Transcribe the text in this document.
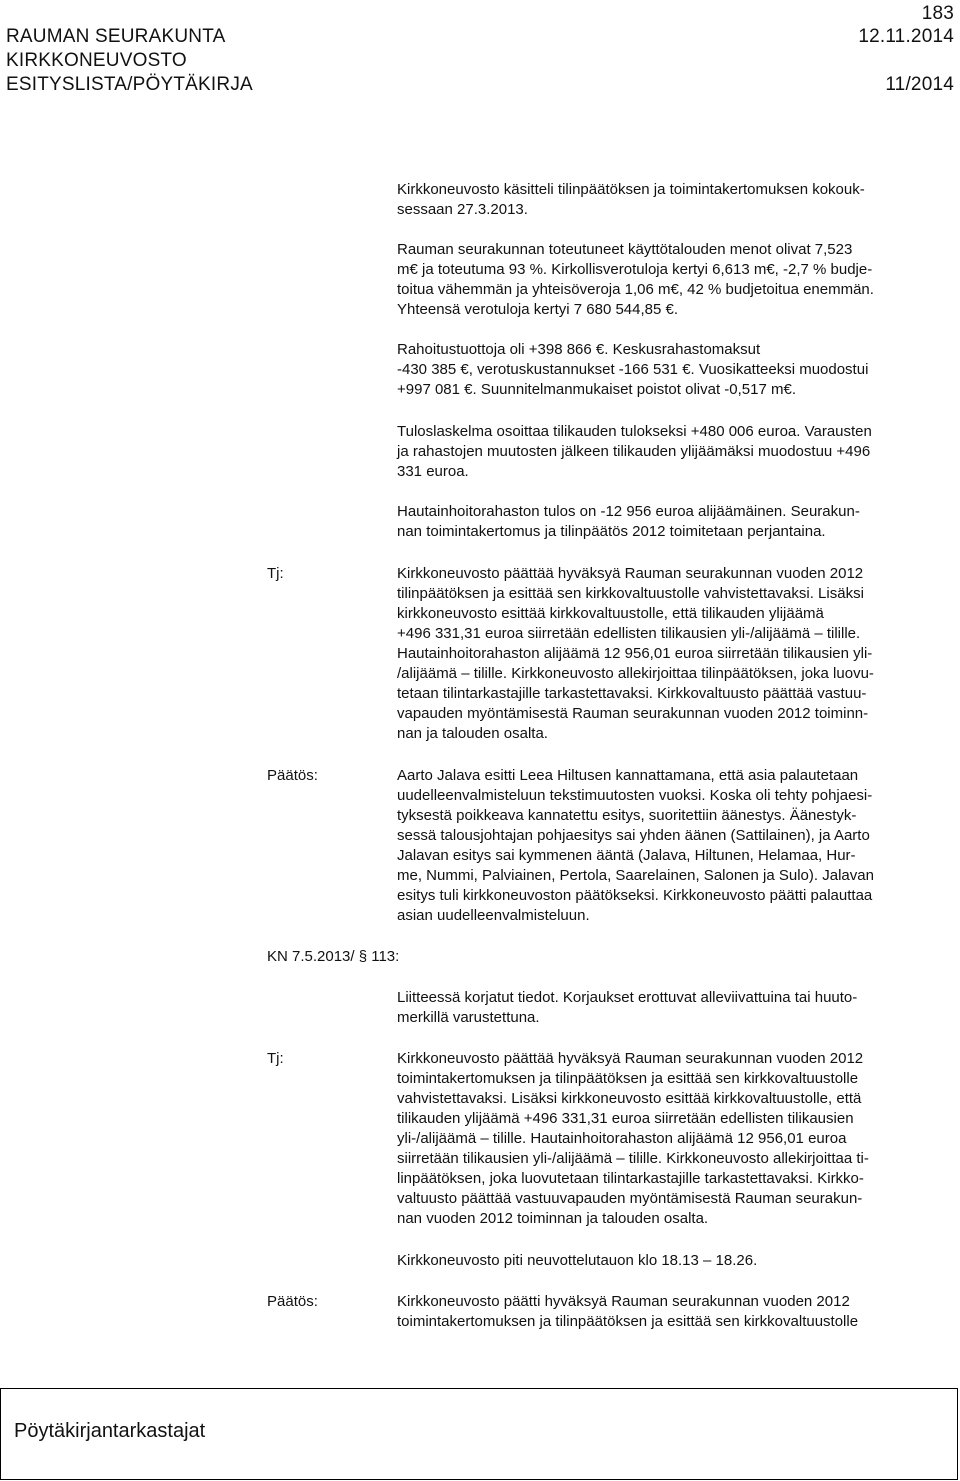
183
RAUMAN SEURAKUNTA	12.11.2014
KIRKKONEUVOSTO
ESITYSLISTA/PÖYTÄKIRJA	11/2014
Kirkkoneuvosto käsitteli tilinpäätöksen ja toimintakertomuksen kokouk-
sessaan 27.3.2013.
Rauman seurakunnan toteutuneet käyttötalouden menot olivat 7,523
m€ ja toteutuma 93 %. Kirkollisverotuloja kertyi 6,613 m€, -2,7 % budje-
toitua vähemmän ja yhteisöveroja 1,06 m€, 42 % budjetoitua enemmän.
Yhteensä verotuloja kertyi 7 680 544,85 €.
Rahoitustuottoja oli +398 866 €. Keskusrahastomaksut
-430 385 €, verotuskustannukset -166 531 €. Vuosikatteeksi muodostui
+997 081 €. Suunnitelmanmukaiset poistot olivat -0,517 m€.
Tuloslaskelma osoittaa tilikauden tulokseksi +480 006 euroa. Varausten
ja rahastojen muutosten jälkeen tilikauden ylijäämäksi muodostuu +496
331 euroa.
Hautainhoitorahaston tulos on -12 956 euroa alijäämäinen. Seurakun-
nan toimintakertomus ja tilinpäätös 2012 toimitetaan perjantaina.
Tj:	Kirkkoneuvosto päättää hyväksyä Rauman seurakunnan vuoden 2012
tilinpäätöksen ja esittää sen kirkkovaltuustolle vahvistettavaksi. Lisäksi
kirkkoneuvosto esittää kirkkovaltuustolle, että tilikauden ylijäämä
+496 331,31 euroa siirretään edellisten tilikausien yli-/alijäämä – tilille.
Hautainhoitorahaston alijäämä 12 956,01 euroa siirretään tilikausien yli-
/alijäämä – tilille. Kirkkoneuvosto allekirjoittaa tilinpäätöksen, joka luovu-
tetaan tilintarkastajille tarkastettavaksi. Kirkkovaltuusto päättää vastuu-
vapauden myöntämisestä Rauman seurakunnan vuoden 2012 toiminn-
nan ja talouden osalta.
Päätös:	Aarto Jalava esitti Leea Hiltusen kannattamana, että asia palautetaan
uudelleenvalmisteluun tekstimuutosten vuoksi. Koska oli tehty pohjaesi-
tyksestä poikkeava kannatettu esitys, suoritettiin äänestys. Äänestyk-
sessä talousjohtajan pohjaesitys sai yhden äänen (Sattilainen), ja Aarto
Jalavan esitys sai kymmenen ääntä (Jalava, Hiltunen, Helamaa, Hur-
me, Nummi, Palviainen, Pertola, Saarelainen, Salonen ja Sulo). Jalavan
esitys tuli kirkkoneuvoston päätökseksi. Kirkkoneuvosto päätti palauttaa
asian uudelleenvalmisteluun.
KN 7.5.2013/ § 113:
Liitteessä korjatut tiedot. Korjaukset erottuvat alleviivattuina tai huuto-
merkillä varustettuna.
Tj:	Kirkkoneuvosto päättää hyväksyä Rauman seurakunnan vuoden 2012
toimintakertomuksen ja tilinpäätöksen ja esittää sen kirkkovaltuustolle
vahvistettavaksi. Lisäksi kirkkoneuvosto esittää kirkkovaltuustolle, että
tilikauden ylijäämä +496 331,31 euroa siirretään edellisten tilikausien
yli-/alijäämä – tilille. Hautainhoitorahaston alijäämä 12 956,01 euroa
siirretään tilikausien yli-/alijäämä – tilille. Kirkkoneuvosto allekirjoittaa ti-
linpäätöksen, joka luovutetaan tilintarkastajille tarkastettavaksi. Kirkko-
valtuusto päättää vastuuvapauden myöntämisestä Rauman seurakun-
nan vuoden 2012 toiminnan ja talouden osalta.
Kirkkoneuvosto piti neuvottelutauon klo 18.13 – 18.26.
Päätös:	Kirkkoneuvosto päätti hyväksyä Rauman seurakunnan vuoden 2012
toimintakertomuksen ja tilinpäätöksen ja esittää sen kirkkovaltuustolle
Pöytäkirjantarkastajat
